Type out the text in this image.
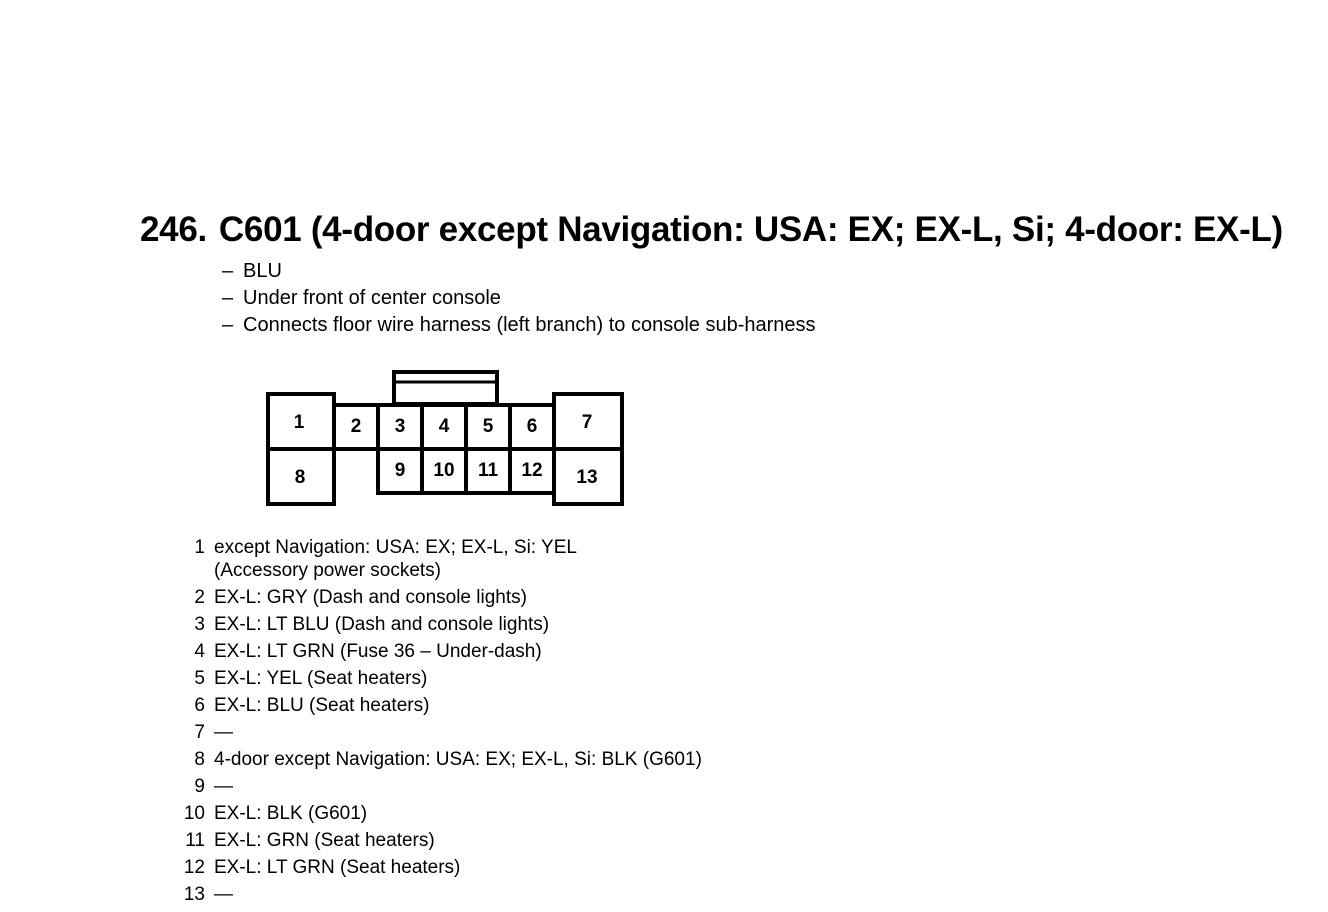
246. C601 (4-door except Navigation: USA: EX; EX-L, Si; 4-door: EX-L)
– BLU
– Under front of center console
– Connects floor wire harness (left branch) to console sub-harness
1 2 3 4 5 6 7
8	9 10 11 12 13
1 except Navigation: USA: EX; EX-L, Si: YEL
(Accessory power sockets)
2 EX-L: GRY (Dash and console lights)
3 EX-L: LT BLU (Dash and console lights)
4 EX-L: LT GRN (Fuse 36 – Under-dash)
5 EX-L: YEL (Seat heaters)
6 EX-L: BLU (Seat heaters)
7 —
8 4-door except Navigation: USA: EX; EX-L, Si: BLK (G601)
9 —
10 EX-L: BLK (G601)
11 EX-L: GRN (Seat heaters)
12 EX-L: LT GRN (Seat heaters)
13 —
